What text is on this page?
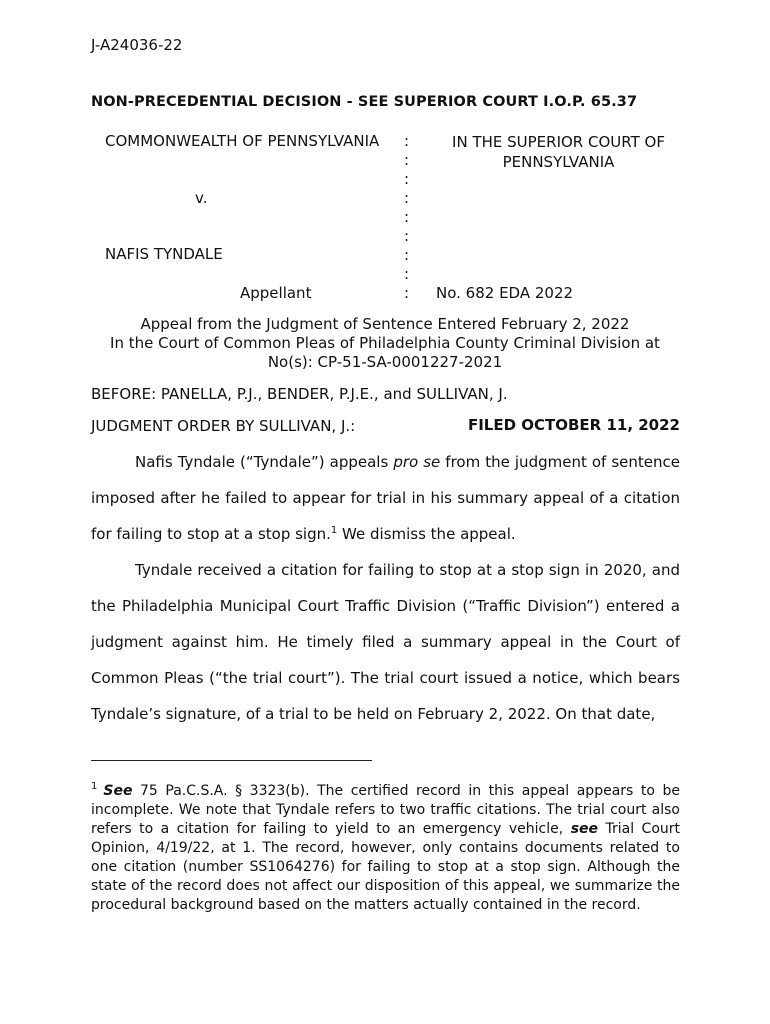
J-A24036-22
NON-PRECEDENTIAL DECISION - SEE SUPERIOR COURT I.O.P. 65.37
COMMONWEALTH OF PENNSYLVANIA
v.
NAFIS TYNDALE
Appellant
:
:
:
:
:
:
:
:
:
IN THE SUPERIOR COURT OF PENNSYLVANIA
No. 682 EDA 2022
Appeal from the Judgment of Sentence Entered February 2, 2022
In the Court of Common Pleas of Philadelphia County Criminal Division at
No(s): CP-51-SA-0001227-2021
BEFORE: PANELLA, P.J., BENDER, P.J.E., and SULLIVAN, J.
JUDGMENT ORDER BY SULLIVAN, J.:	FILED OCTOBER 11, 2022

Nafis Tyndale (“Tyndale”) appeals pro se from the judgment of sentence imposed after he failed to appear for trial in his summary appeal of a citation for failing to stop at a stop sign.$^1$ We dismiss the appeal.

Tyndale received a citation for failing to stop at a stop sign in 2020, and the Philadelphia Municipal Court Traffic Division (“Traffic Division”) entered a judgment against him. He timely filed a summary appeal in the Court of Common Pleas (“the trial court”). The trial court issued a notice, which bears Tyndale’s signature, of a trial to be held on February 2, 2022. On that date,

$^1$ See 75 Pa.C.S.A. § 3323(b). The certified record in this appeal appears to be incomplete. We note that Tyndale refers to two traffic citations. The trial court also refers to a citation for failing to yield to an emergency vehicle, see Trial Court Opinion, 4/19/22, at 1. The record, however, only contains documents related to one citation (number SS1064276) for failing to stop at a stop sign. Although the state of the record does not affect our disposition of this appeal, we summarize the procedural background based on the matters actually contained in the record.
